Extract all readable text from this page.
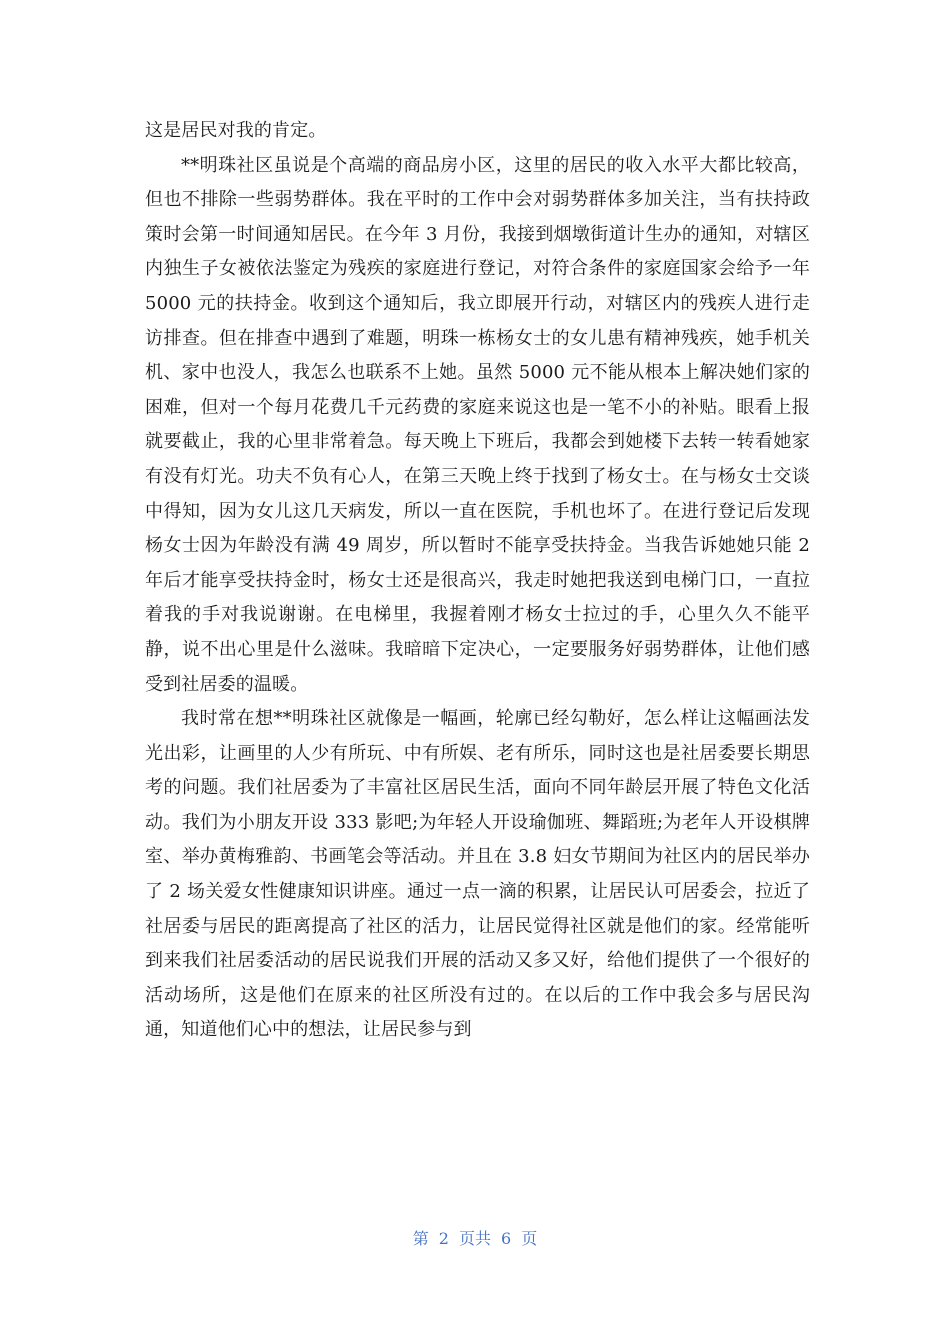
这是居民对我的肯定。

**明珠社区虽说是个高端的商品房小区，这里的居民的收入水平大都比较高，但也不排除一些弱势群体。我在平时的工作中会对弱势群体多加关注，当有扶持政策时会第一时间通知居民。在今年 3 月份，我接到烟墩街道计生办的通知，对辖区内独生子女被依法鉴定为残疾的家庭进行登记，对符合条件的家庭国家会给予一年 5000 元的扶持金。收到这个通知后，我立即展开行动，对辖区内的残疾人进行走访排查。但在排查中遇到了难题，明珠一栋杨女士的女儿患有精神残疾，她手机关机、家中也没人，我怎么也联系不上她。虽然 5000 元不能从根本上解决她们家的困难，但对一个每月花费几千元药费的家庭来说这也是一笔不小的补贴。眼看上报就要截止，我的心里非常着急。每天晚上下班后，我都会到她楼下去转一转看她家有没有灯光。功夫不负有心人，在第三天晚上终于找到了杨女士。在与杨女士交谈中得知，因为女儿这几天病发，所以一直在医院，手机也坏了。在进行登记后发现杨女士因为年龄没有满 49 周岁，所以暂时不能享受扶持金。当我告诉她她只能 2 年后才能享受扶持金时，杨女士还是很高兴，我走时她把我送到电梯门口，一直拉着我的手对我说谢谢。在电梯里，我握着刚才杨女士拉过的手，心里久久不能平静，说不出心里是什么滋味。我暗暗下定决心，一定要服务好弱势群体，让他们感受到社居委的温暖。

我时常在想**明珠社区就像是一幅画，轮廓已经勾勒好，怎么样让这幅画法发光出彩，让画里的人少有所玩、中有所娱、老有所乐，同时这也是社居委要长期思考的问题。我们社居委为了丰富社区居民生活，面向不同年龄层开展了特色文化活动。我们为小朋友开设 333 影吧;为年轻人开设瑜伽班、舞蹈班;为老年人开设棋牌室、举办黄梅雅韵、书画笔会等活动。并且在 3.8 妇女节期间为社区内的居民举办了 2 场关爱女性健康知识讲座。通过一点一滴的积累，让居民认可居委会，拉近了社居委与居民的距离提高了社区的活力，让居民觉得社区就是他们的家。经常能听到来我们社居委活动的居民说我们开展的活动又多又好，给他们提供了一个很好的活动场所，这是他们在原来的社区所没有过的。在以后的工作中我会多与居民沟通，知道他们心中的想法，让居民参与到

第 2 页共 6 页
